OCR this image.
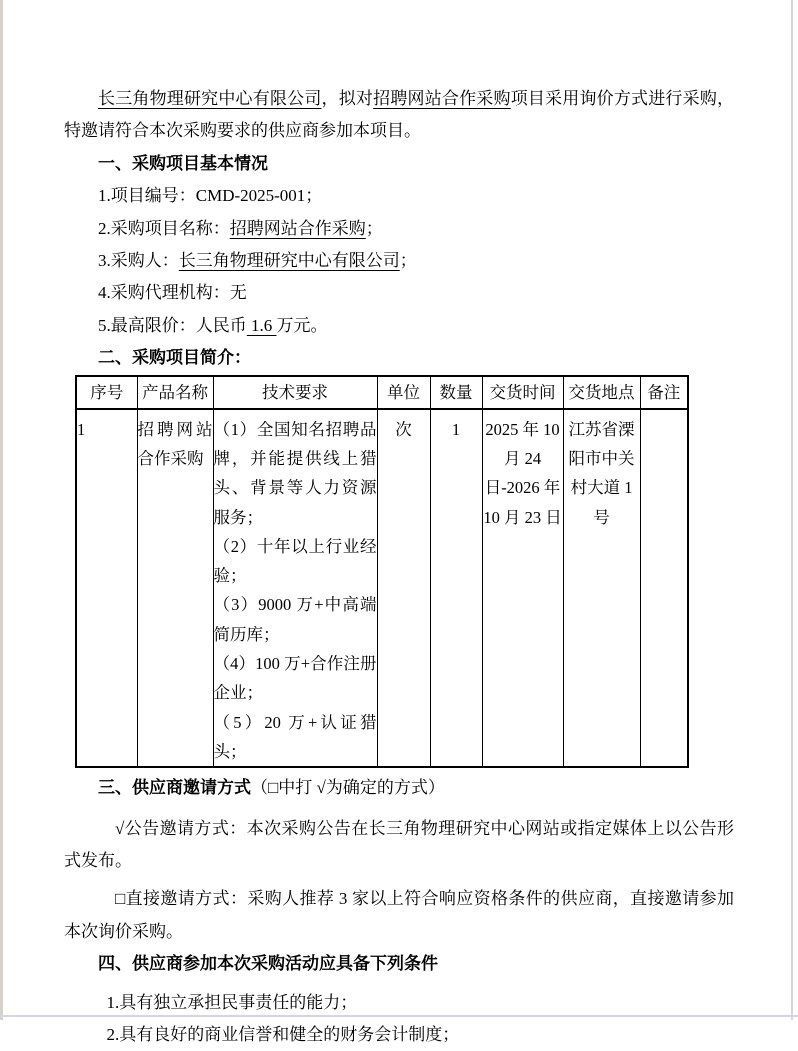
长三角物理研究中心有限公司，拟对招聘网站合作采购项目采用询价方式进行采购，特邀请符合本次采购要求的供应商参加本项目。

一、采购项目基本情况
1.项目编号：CMD-2025-001；
2.采购项目名称：招聘网站合作采购；
3.采购人：长三角物理研究中心有限公司；
4.采购代理机构：无
5.最高限价：人民币 1.6 万元。
二、采购项目简介：
序号	产品名称	技术要求	单位	数量	交货时间	交货地点	备注
1	招聘网站合作采购	（1）全国知名招聘品牌，并能提供线上猎头、背景等人力资源服务；
（2）十年以上行业经验；
（3）9000 万+中高端简历库；
（4）100 万+合作注册企业；
（5）20 万+认证猎头；	次	1	2025 年 10 月 24 日-2026 年 10 月 23 日	江苏省溧阳市中关村大道 1 号	
三、供应商邀请方式（□中打 √为确定的方式）

√公告邀请方式：本次采购公告在长三角物理研究中心网站或指定媒体上以公告形式发布。

□直接邀请方式：采购人推荐 3 家以上符合响应资格条件的供应商，直接邀请参加本次询价采购。

四、供应商参加本次采购活动应具备下列条件
1.具有独立承担民事责任的能力；
2.具有良好的商业信誉和健全的财务会计制度；
